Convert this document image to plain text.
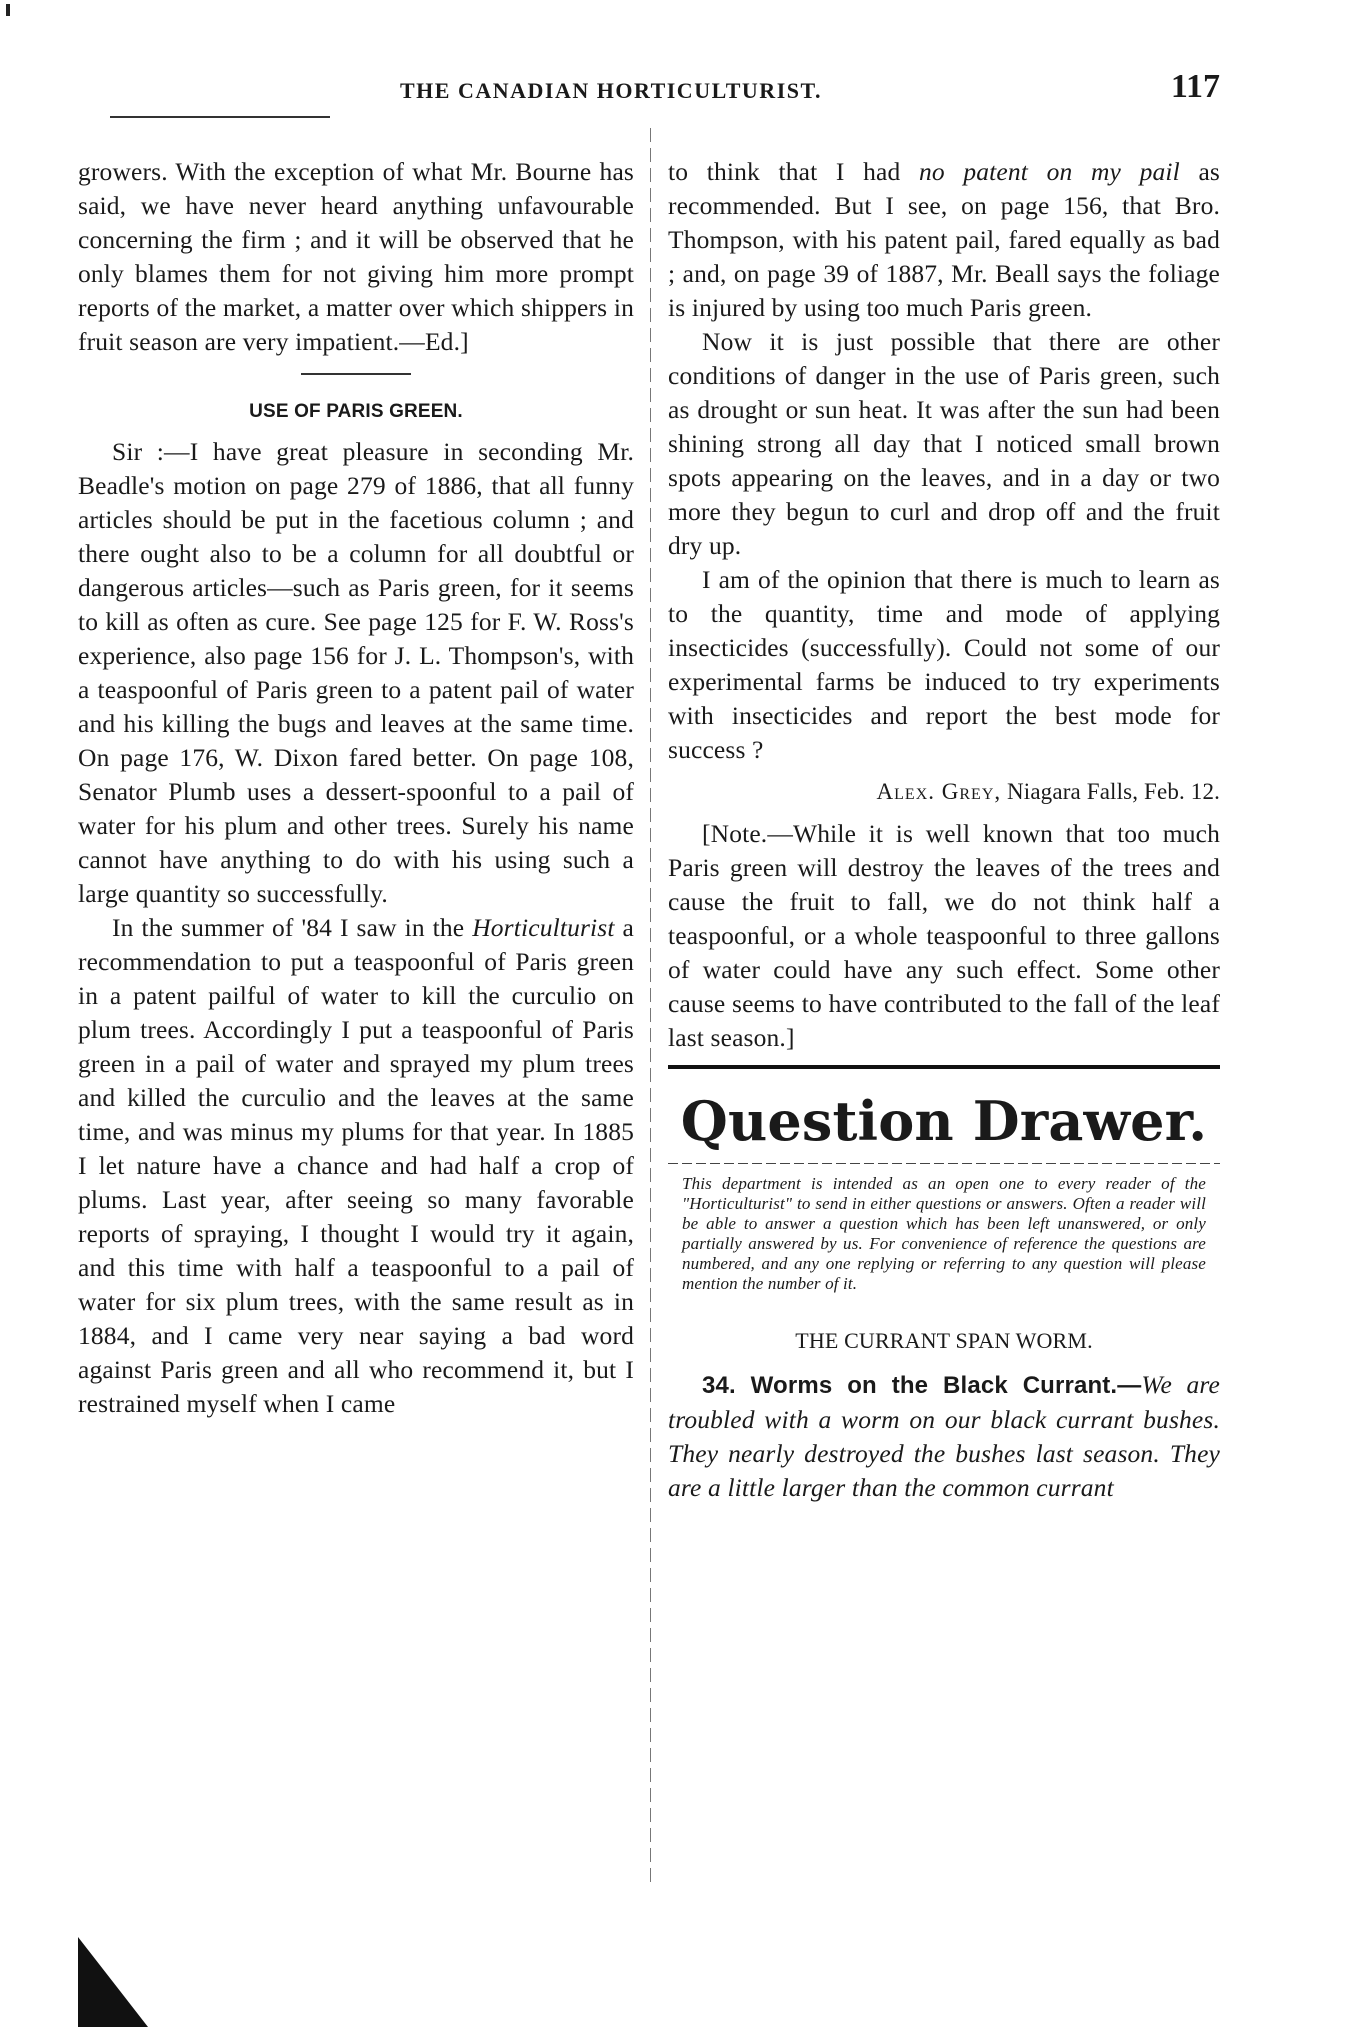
THE CANADIAN HORTICULTURIST.	117

growers. With the exception of what Mr. Bourne has said, we have never heard anything unfavourable concerning the firm ; and it will be observed that he only blames them for not giving him more prompt reports of the market, a matter over which shippers in fruit season are very impatient.—Ed.]

USE OF PARIS GREEN.

Sir :—I have great pleasure in seconding Mr. Beadle's motion on page 279 of 1886, that all funny articles should be put in the facetious column ; and there ought also to be a column for all doubtful or dangerous articles—such as Paris green, for it seems to kill as often as cure. See page 125 for F. W. Ross's experience, also page 156 for J. L. Thompson's, with a teaspoonful of Paris green to a patent pail of water and his killing the bugs and leaves at the same time. On page 176, W. Dixon fared better. On page 108, Senator Plumb uses a dessert-spoonful to a pail of water for his plum and other trees. Surely his name cannot have anything to do with his using such a large quantity so successfully.

In the summer of '84 I saw in the Horticulturist a recommendation to put a teaspoonful of Paris green in a patent pailful of water to kill the curculio on plum trees. Accordingly I put a teaspoonful of Paris green in a pail of water and sprayed my plum trees and killed the curculio and the leaves at the same time, and was minus my plums for that year. In 1885 I let nature have a chance and had half a crop of plums. Last year, after seeing so many favorable reports of spraying, I thought I would try it again, and this time with half a teaspoonful to a pail of water for six plum trees, with the same result as in 1884, and I came very near saying a bad word against Paris green and all who recommend it, but I restrained myself when I came

to think that I had no patent on my pail as recommended. But I see, on page 156, that Bro. Thompson, with his patent pail, fared equally as bad ; and, on page 39 of 1887, Mr. Beall says the foliage is injured by using too much Paris green.

Now it is just possible that there are other conditions of danger in the use of Paris green, such as drought or sun heat. It was after the sun had been shining strong all day that I noticed small brown spots appearing on the leaves, and in a day or two more they begun to curl and drop off and the fruit dry up.

I am of the opinion that there is much to learn as to the quantity, time and mode of applying insecticides (successfully). Could not some of our experimental farms be induced to try experiments with insecticides and report the best mode for success ?

Alex. Grey, Niagara Falls, Feb. 12.

[Note.—While it is well known that too much Paris green will destroy the leaves of the trees and cause the fruit to fall, we do not think half a teaspoonful, or a whole teaspoonful to three gallons of water could have any such effect. Some other cause seems to have contributed to the fall of the leaf last season.]

Question Drawer.

This department is intended as an open one to every reader of the "Horticulturist" to send in either questions or answers. Often a reader will be able to answer a question which has been left unanswered, or only partially answered by us. For convenience of reference the questions are numbered, and any one replying or referring to any question will please mention the number of it.

THE CURRANT SPAN WORM.

34. Worms on the Black Currant.—We are troubled with a worm on our black currant bushes. They nearly destroyed the bushes last season. They are a little larger than the common currant
